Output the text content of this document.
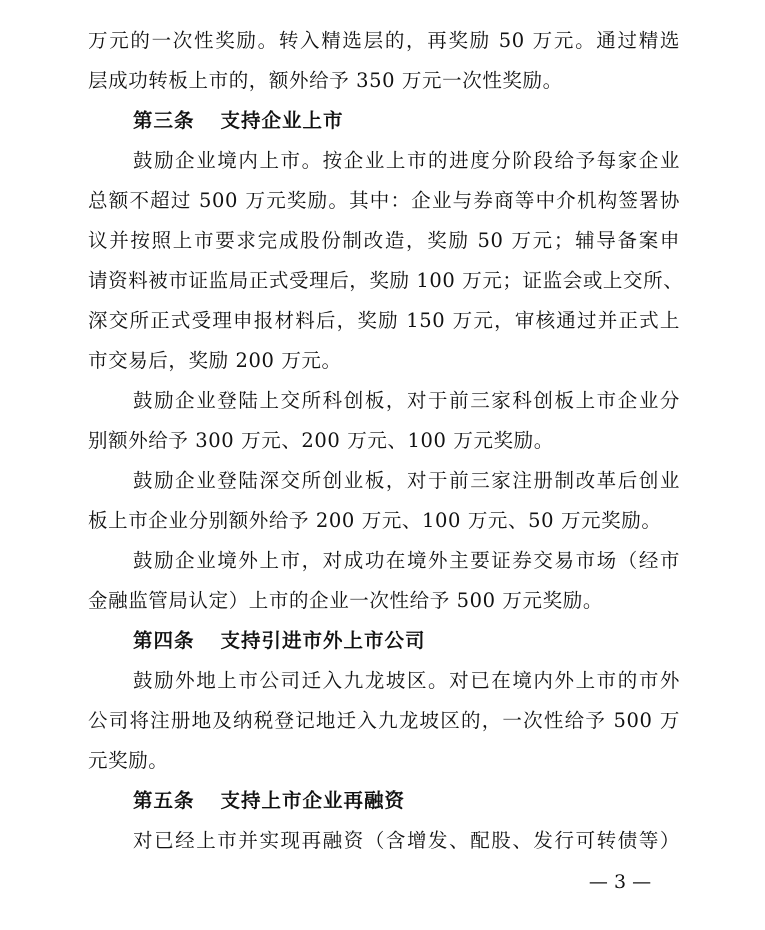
万元的一次性奖励。转入精选层的，再奖励 50 万元。通过精选
层成功转板上市的，额外给予 350 万元一次性奖励。
第三条 支持企业上市
鼓励企业境内上市。按企业上市的进度分阶段给予每家企业
总额不超过 500 万元奖励。其中：企业与券商等中介机构签署协
议并按照上市要求完成股份制改造，奖励 50 万元；辅导备案申
请资料被市证监局正式受理后，奖励 100 万元；证监会或上交所、
深交所正式受理申报材料后，奖励 150 万元，审核通过并正式上
市交易后，奖励 200 万元。
鼓励企业登陆上交所科创板，对于前三家科创板上市企业分
别额外给予 300 万元、200 万元、100 万元奖励。
鼓励企业登陆深交所创业板，对于前三家注册制改革后创业
板上市企业分别额外给予 200 万元、100 万元、50 万元奖励。
鼓励企业境外上市，对成功在境外主要证券交易市场（经市
金融监管局认定）上市的企业一次性给予 500 万元奖励。
第四条 支持引进市外上市公司
鼓励外地上市公司迁入九龙坡区。对已在境内外上市的市外
公司将注册地及纳税登记地迁入九龙坡区的，一次性给予 500 万
元奖励。
第五条 支持上市企业再融资
对已经上市并实现再融资（含增发、配股、发行可转债等）
— 3 —
